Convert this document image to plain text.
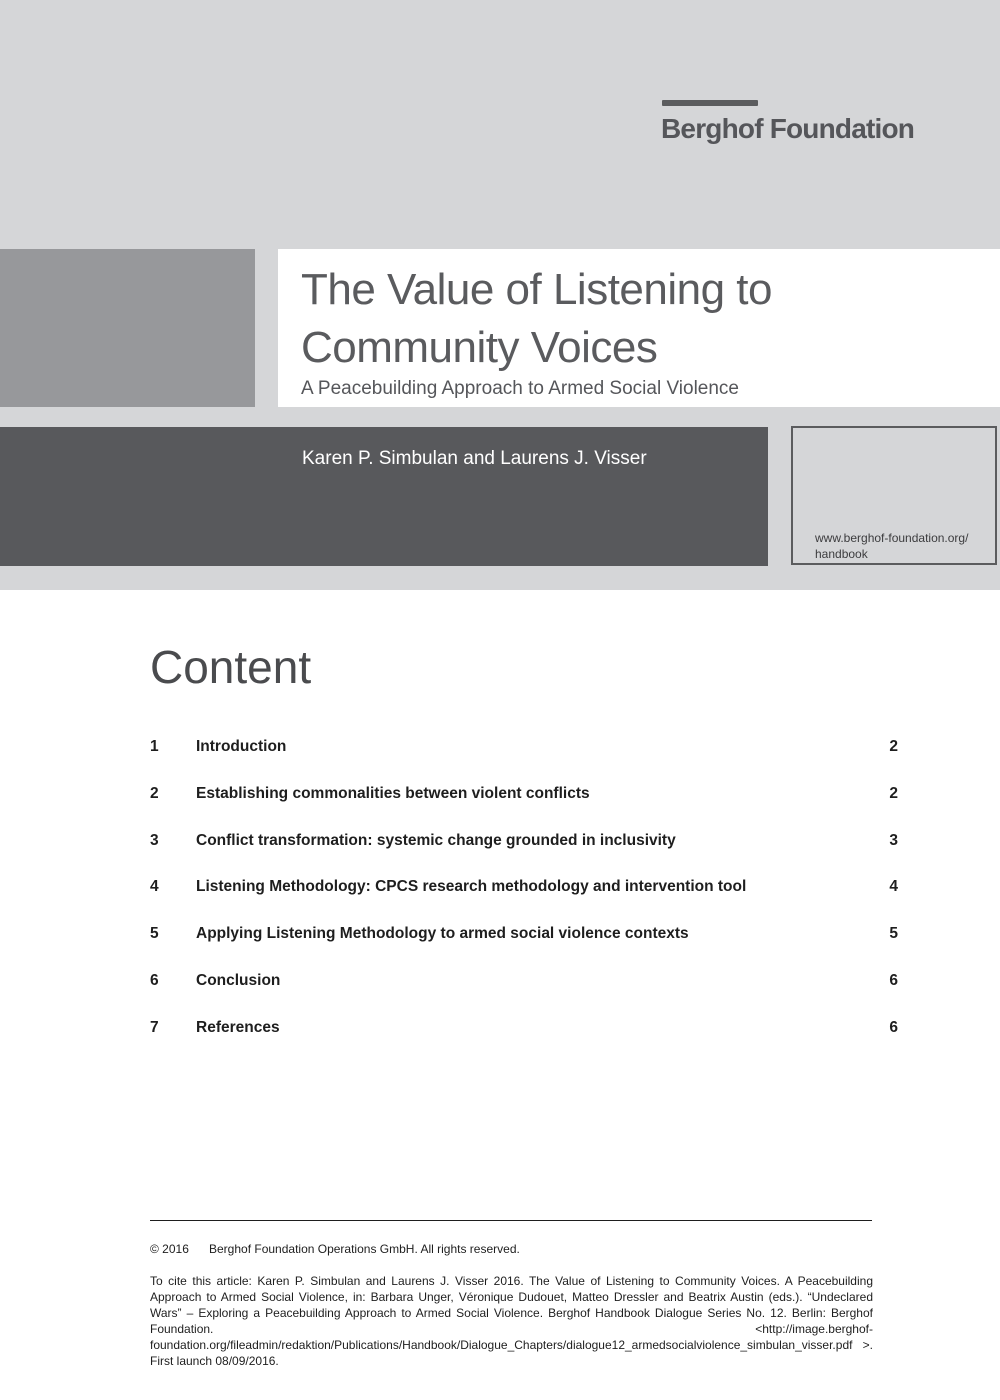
Berghof Foundation
The Value of Listening to Community Voices
A Peacebuilding Approach to Armed Social Violence
Karen P. Simbulan and Laurens J. Visser
www.berghof-foundation.org/ handbook
Content
1	Introduction	2
2	Establishing commonalities between violent conflicts	2
3	Conflict transformation: systemic change grounded in inclusivity	3
4	Listening Methodology: CPCS research methodology and intervention tool	4
5	Applying Listening Methodology to armed social violence contexts	5
6	Conclusion	6
7	References	6
© 2016 Berghof Foundation Operations GmbH. All rights reserved.
To cite this article: Karen P. Simbulan and Laurens J. Visser 2016. The Value of Listening to Community Voices. A Peacebuilding Approach to Armed Social Violence, in: Barbara Unger, Véronique Dudouet, Matteo Dressler and Beatrix Austin (eds.). “Undeclared Wars” – Exploring a Peacebuilding Approach to Armed Social Violence. Berghof Handbook Dialogue Series No. 12. Berlin: Berghof Foundation.	<http://image.berghof-foundation.org/fileadmin/redaktion/Publications/Handbook/Dialogue_Chapters/dialogue12_armedsocialviolence_simbulan_visser.pdf >. First launch 08/09/2016.
